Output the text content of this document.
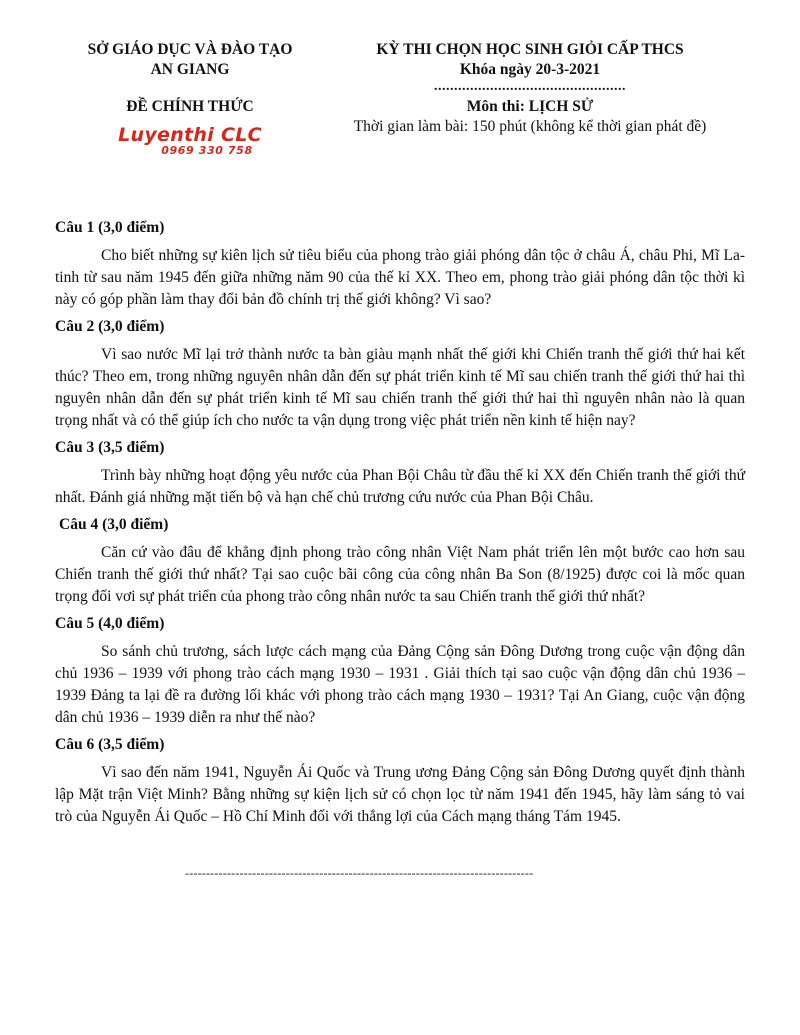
SỞ GIÁO DỤC VÀ ĐÀO TẠO
AN GIANG
ĐỀ CHÍNH THỨC
Luyenthi CLC
0969 330 758
KỲ THI CHỌN HỌC SINH GIỎI CẤP THCS
Khóa ngày 20-3-2021
................................................
Môn thi: LỊCH SỬ
Thời gian làm bài: 150 phút (không kể thời gian phát đề)
Câu 1 (3,0 điểm)
Cho biết những sự kiên lịch sử tiêu biểu của phong trào giải phóng dân tộc ở châu Á, châu Phi, Mĩ La-tinh từ sau năm 1945 đến giữa những năm 90 của thế kỉ XX. Theo em, phong trào giải phóng dân tộc thời kì này có góp phần làm thay đổi bản đồ chính trị thế giới không? Vì sao?
Câu 2 (3,0 điểm)
Vì sao nước Mĩ lại trở thành nước ta bàn giàu mạnh nhất thế giới khi Chiến tranh thế giới thứ hai kết thúc? Theo em, trong những nguyên nhân dẫn đến sự phát triển kinh tế Mĩ sau chiến tranh thế giới thứ hai thì nguyên nhân dẫn đến sự phát triển kinh tế Mĩ sau chiến tranh thế giới thứ hai thì nguyên nhân nào là quan trọng nhất và có thể giúp ích cho nước ta vận dụng trong việc phát triển nền kinh tế hiện nay?
Câu 3 (3,5 điểm)
Trình bày những hoạt động yêu nước của Phan Bội Châu từ đầu thế kỉ XX đến Chiến tranh thế giới thứ nhất. Đánh giá những mặt tiến bộ và hạn chế chủ trương cứu nước của Phan Bội Châu.
Câu 4 (3,0 điểm)
Căn cứ vào đâu để khẳng định phong trào công nhân Việt Nam phát triển lên một bước cao hơn sau Chiến tranh thế giới thứ nhất? Tại sao cuộc bãi công của công nhân Ba Son (8/1925) được coi là mốc quan trọng đối vơi sự phát triển của phong trào công nhân nước ta sau Chiến tranh thế giới thứ nhất?
Câu 5 (4,0 điểm)
So sánh chủ trương, sách lược cách mạng của Đảng Cộng sản Đông Dương trong cuộc vận động dân chủ 1936 – 1939 với phong trào cách mạng 1930 – 1931 . Giải thích tại sao cuộc vận động dân chủ 1936 – 1939 Đảng ta lại đề ra đường lối khác với phong trào cách mạng 1930 – 1931? Tại An Giang, cuộc vận động dân chủ 1936 – 1939 diễn ra như thế nào?
Câu 6 (3,5 điểm)
Vì sao đến năm 1941, Nguyễn Ái Quốc và Trung ương Đảng Cộng sản Đông Dương quyết định thành lập Mặt trận Việt Minh? Bằng những sự kiện lịch sử có chọn lọc từ năm 1941 đến 1945, hãy làm sáng tỏ vai trò của Nguyễn Ái Quốc – Hồ Chí Minh đối với thắng lợi của Cách mạng tháng Tám 1945.
-----------------------------------------------------------------------------------
